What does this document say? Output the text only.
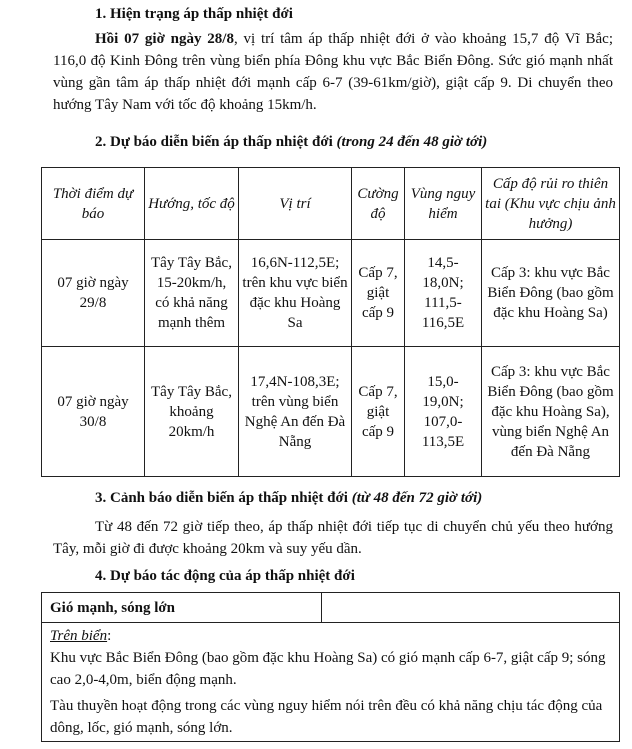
1. Hiện trạng áp thấp nhiệt đới
Hồi 07 giờ ngày 28/8, vị trí tâm áp thấp nhiệt đới ở vào khoảng 15,7 độ Vĩ Bắc; 116,0 độ Kinh Đông trên vùng biển phía Đông khu vực Bắc Biển Đông. Sức gió mạnh nhất vùng gần tâm áp thấp nhiệt đới mạnh cấp 6-7 (39-61km/giờ), giật cấp 9. Di chuyển theo hướng Tây Nam với tốc độ khoảng 15km/h.
2. Dự báo diễn biến áp thấp nhiệt đới (trong 24 đến 48 giờ tới)
Thời điểm dự báo	Hướng, tốc độ	Vị trí	Cường độ	Vùng nguy hiểm	Cấp độ rủi ro thiên tai (Khu vực chịu ảnh hưởng)
07 giờ ngày 29/8	Tây Tây Bắc, 15-20km/h, có khả năng mạnh thêm	16,6N-112,5E; trên khu vực biển đặc khu Hoàng Sa	Cấp 7, giật cấp 9	14,5-18,0N; 111,5-116,5E	Cấp 3: khu vực Bắc Biển Đông (bao gồm đặc khu Hoàng Sa)
07 giờ ngày 30/8	Tây Tây Bắc, khoảng 20km/h	17,4N-108,3E; trên vùng biển Nghệ An đến Đà Nẵng	Cấp 7, giật cấp 9	15,0-19,0N; 107,0-113,5E	Cấp 3: khu vực Bắc Biển Đông (bao gồm đặc khu Hoàng Sa), vùng biển Nghệ An đến Đà Nẵng
3. Cảnh báo diễn biến áp thấp nhiệt đới (từ 48 đến 72 giờ tới)
Từ 48 đến 72 giờ tiếp theo, áp thấp nhiệt đới tiếp tục di chuyển chủ yếu theo hướng Tây, mỗi giờ đi được khoảng 20km và suy yếu dần.
4. Dự báo tác động của áp thấp nhiệt đới
Gió mạnh, sóng lớn	

Trên biển:

Khu vực Bắc Biển Đông (bao gồm đặc khu Hoàng Sa) có gió mạnh cấp 6-7, giật cấp 9; sóng cao 2,0-4,0m, biển động mạnh.

Tàu thuyền hoạt động trong các vùng nguy hiểm nói trên đều có khả năng chịu tác động của dông, lốc, gió mạnh, sóng lớn.
